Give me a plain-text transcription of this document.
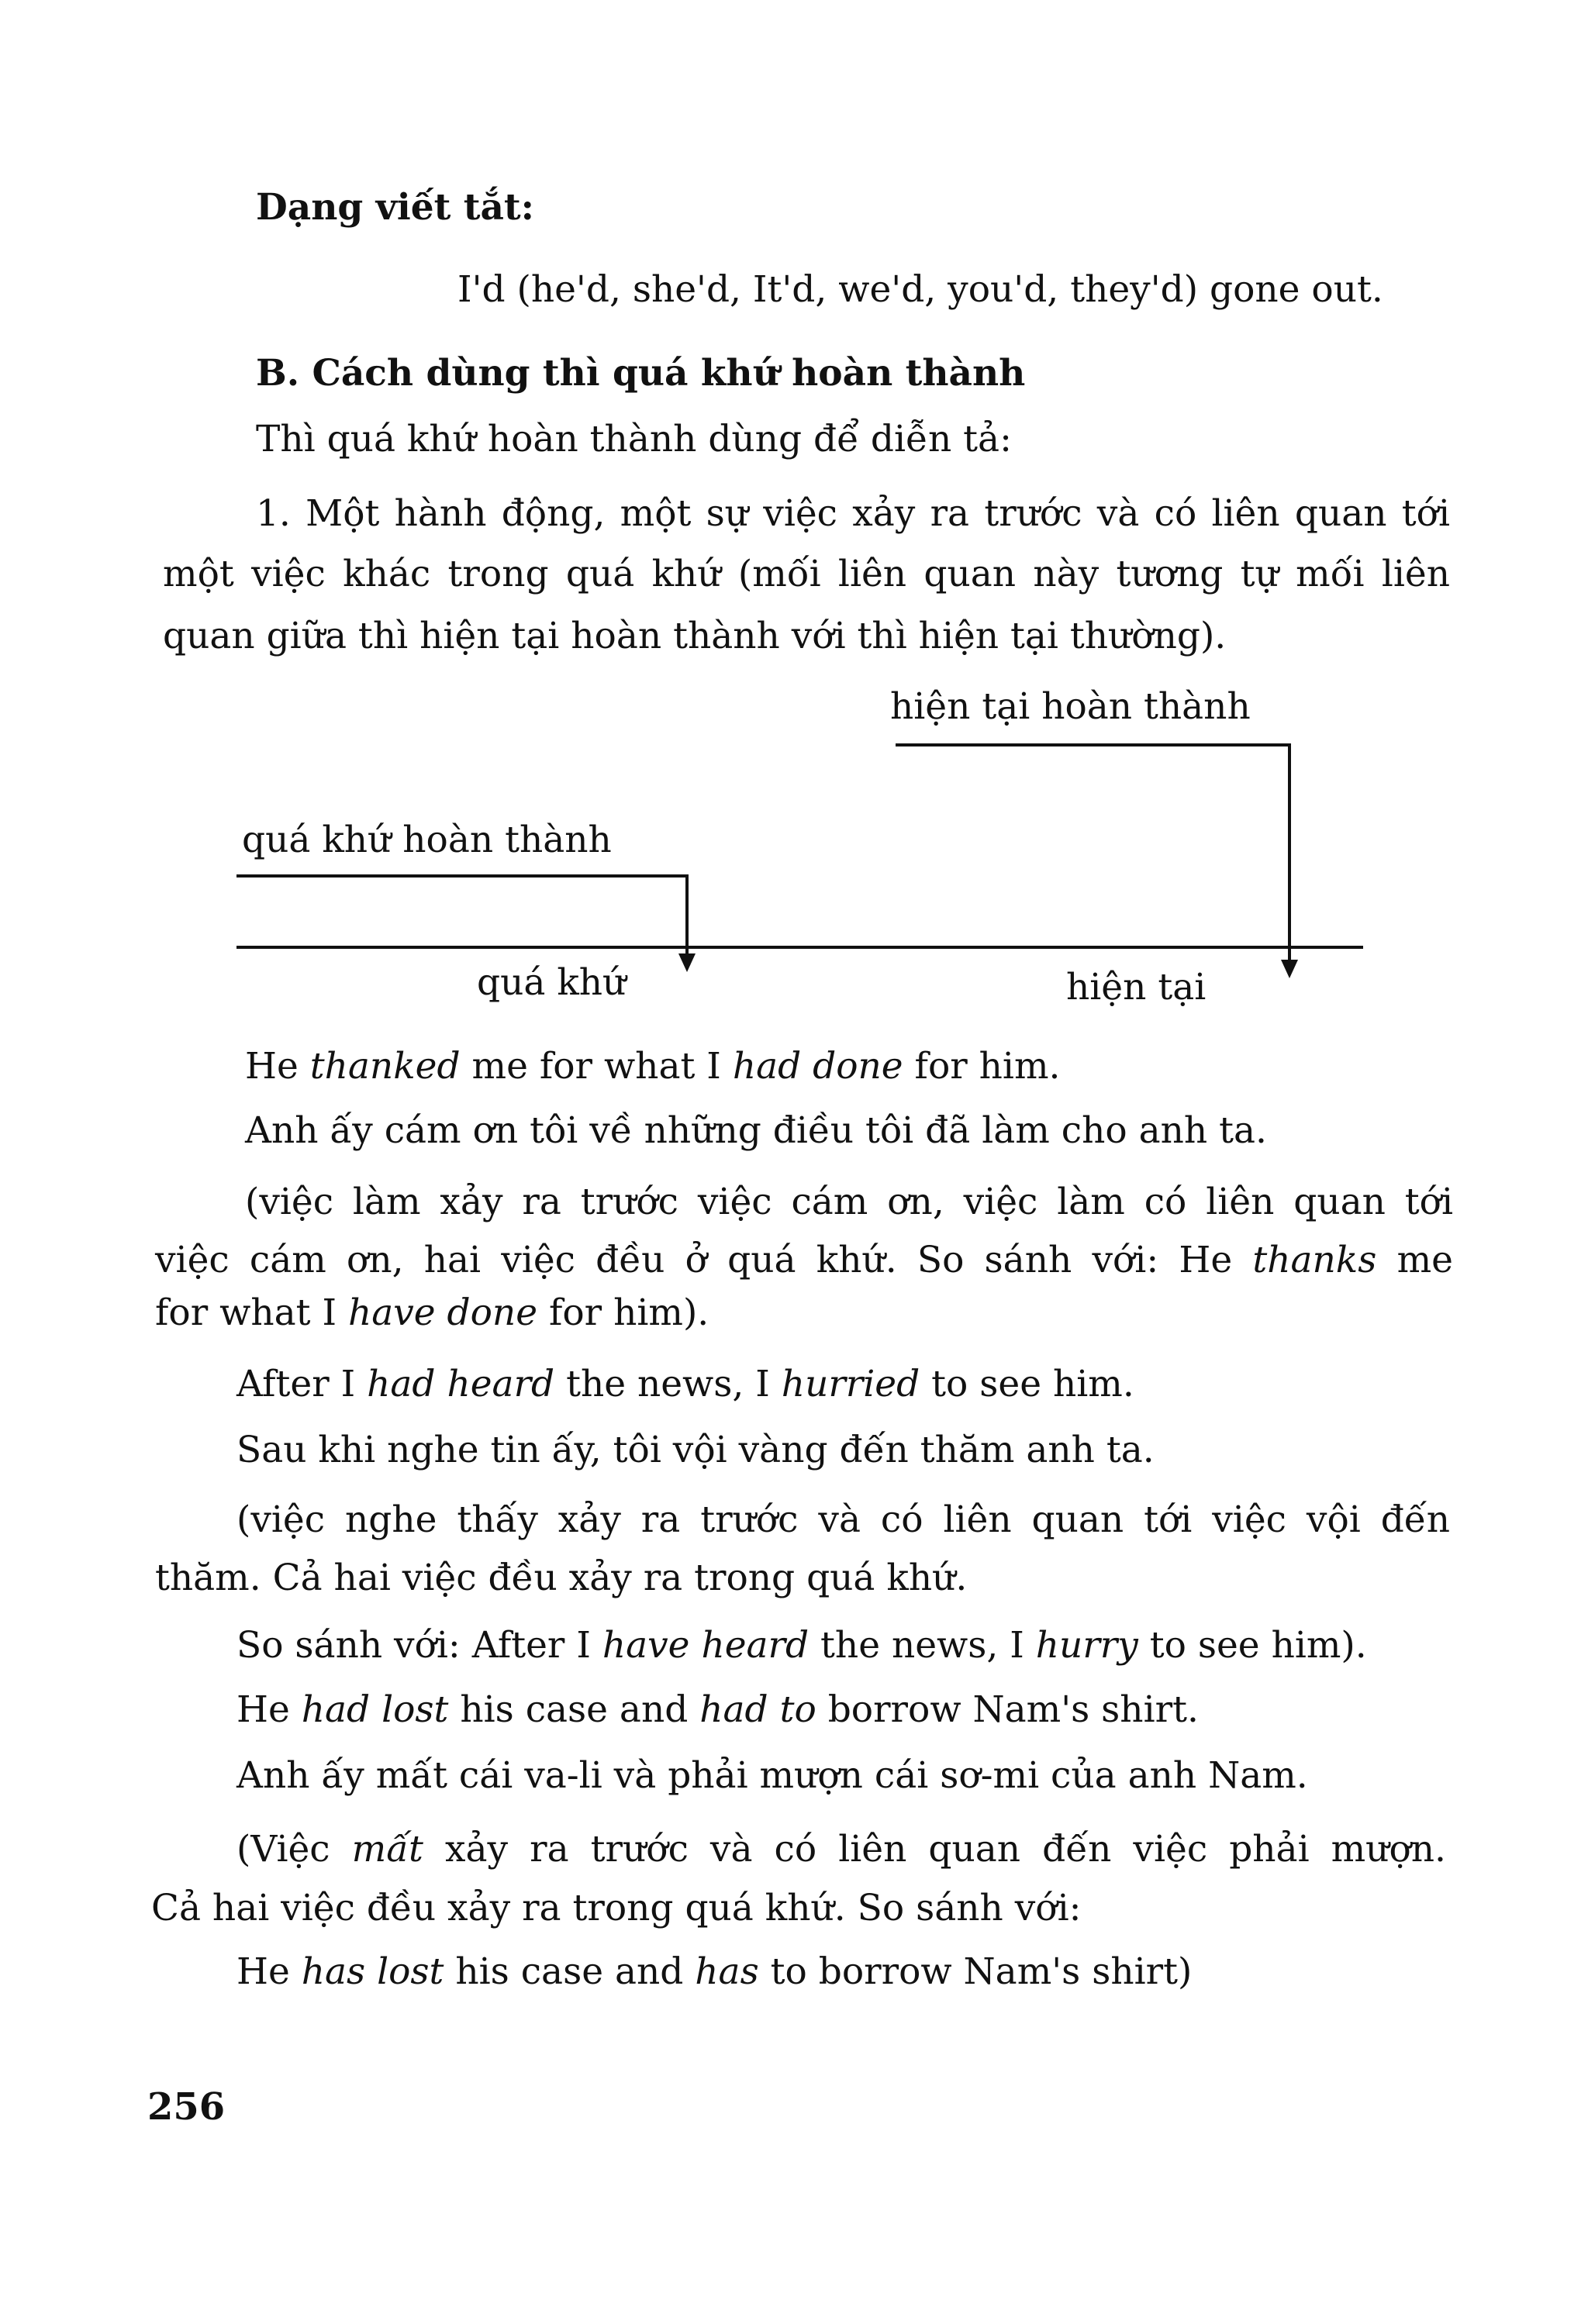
Dạng viết tắt:
I'd (he'd, she'd, It'd, we'd, you'd, they'd) gone out.
B. Cách dùng thì quá khứ hoàn thành
Thì quá khứ hoàn thành dùng để diễn tả:
1. Một hành động, một sự việc xảy ra trước và có liên quan tới
một việc khác trong quá khứ (mối liên quan này tương tự mối liên
quan giữa thì hiện tại hoàn thành với thì hiện tại thường).
hiện tại hoàn thành
quá khứ hoàn thành
quá khứ	hiện tại
He thanked me for what I had done for him.
Anh ấy cám ơn tôi về những điều tôi đã làm cho anh ta.
(việc làm xảy ra trước việc cám ơn, việc làm có liên quan tới
việc cám ơn, hai việc đều ở quá khứ. So sánh với: He thanks me
for what I have done for him).
After I had heard the news, I hurried to see him.
Sau khi nghe tin ấy, tôi vội vàng đến thăm anh ta.
(việc nghe thấy xảy ra trước và có liên quan tới việc vội đến
thăm. Cả hai việc đều xảy ra trong quá khứ.
So sánh với: After I have heard the news, I hurry to see him).
He had lost his case and had to borrow Nam's shirt.
Anh ấy mất cái va-li và phải mượn cái sơ-mi của anh Nam.
(Việc mất xảy ra trước và có liên quan đến việc phải mượn.
Cả hai việc đều xảy ra trong quá khứ. So sánh với:
He has lost his case and has to borrow Nam's shirt)
256
